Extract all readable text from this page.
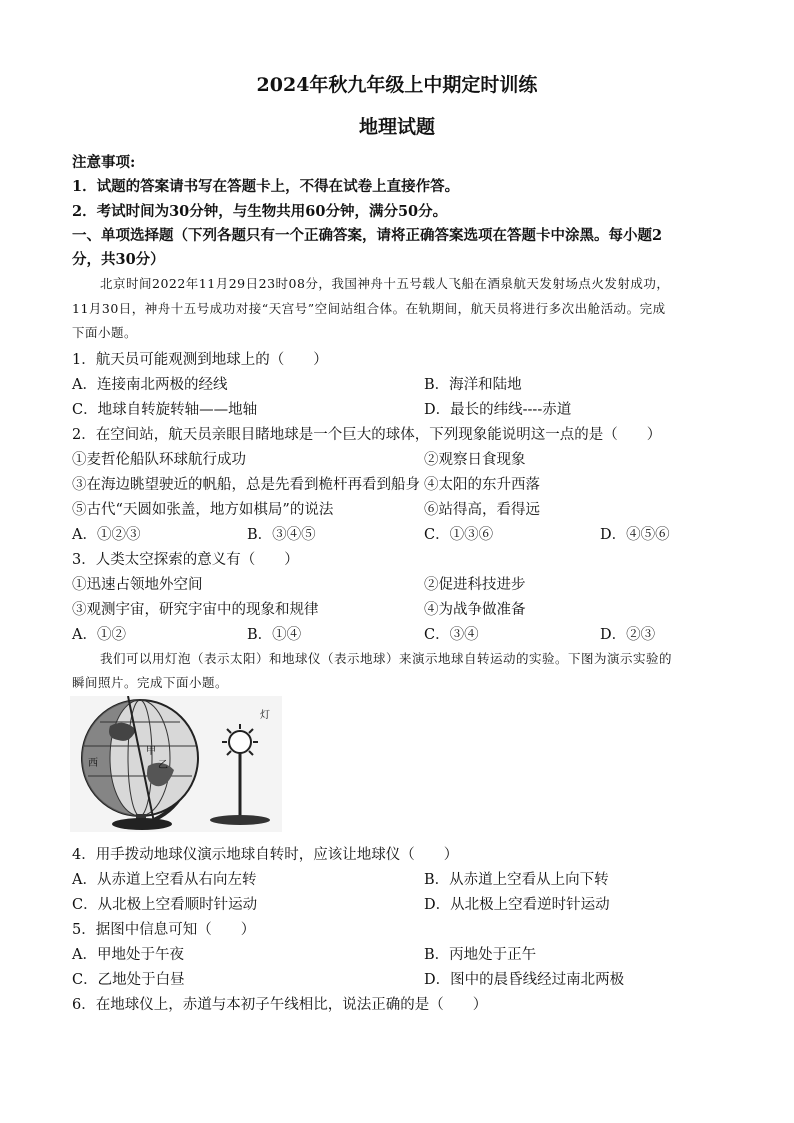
2024年秋九年级上中期定时训练
地理试题
注意事项:
1．试题的答案请书写在答题卡上，不得在试卷上直接作答。
2．考试时间为30分钟，与生物共用60分钟，满分50分。
一、单项选择题（下列各题只有一个正确答案，请将正确答案选项在答题卡中涂黑。每小题2
分，共30分）
北京时间2022年11月29日23时08分，我国神舟十五号载人飞船在酒泉航天发射场点火发射成功，
11月30日，神舟十五号成功对接“天宫号”空间站组合体。在轨期间，航天员将进行多次出舱活动。完成
下面小题。
1．航天员可能观测到地球上的（　　）
A．连接南北两极的经线	B．海洋和陆地
C．地球自转旋转轴——地轴	D．最长的纬线----赤道
2．在空间站，航天员亲眼目睹地球是一个巨大的球体，下列现象能说明这一点的是（　　）
①麦哲伦船队环球航行成功	②观察日食现象
③在海边眺望驶近的帆船，总是先看到桅杆再看到船身 ④太阳的东升西落
⑤古代“天圆如张盖，地方如棋局”的说法	⑥站得高，看得远
A．①②③	B．③④⑤	C．①③⑥	D．④⑤⑥
3．人类太空探索的意义有（　　）
①迅速占领地外空间	②促进科技进步
③观测宇宙，研究宇宙中的现象和规律	④为战争做准备
A．①②	B．①④	C．③④	D．②③
我们可以用灯泡（表示太阳）和地球仪（表示地球）来演示地球自转运动的实验。下图为演示实验的
瞬间照片。完成下面小题。
西
甲
乙
灯
4．用手拨动地球仪演示地球自转时，应该让地球仪（　　）
A．从赤道上空看从右向左转	B．从赤道上空看从上向下转
C．从北极上空看顺时针运动	D．从北极上空看逆时针运动
5．据图中信息可知（　　）
A．甲地处于午夜	B．丙地处于正午
C．乙地处于白昼	D．图中的晨昏线经过南北两极
6．在地球仪上，赤道与本初子午线相比，说法正确的是（　　）
